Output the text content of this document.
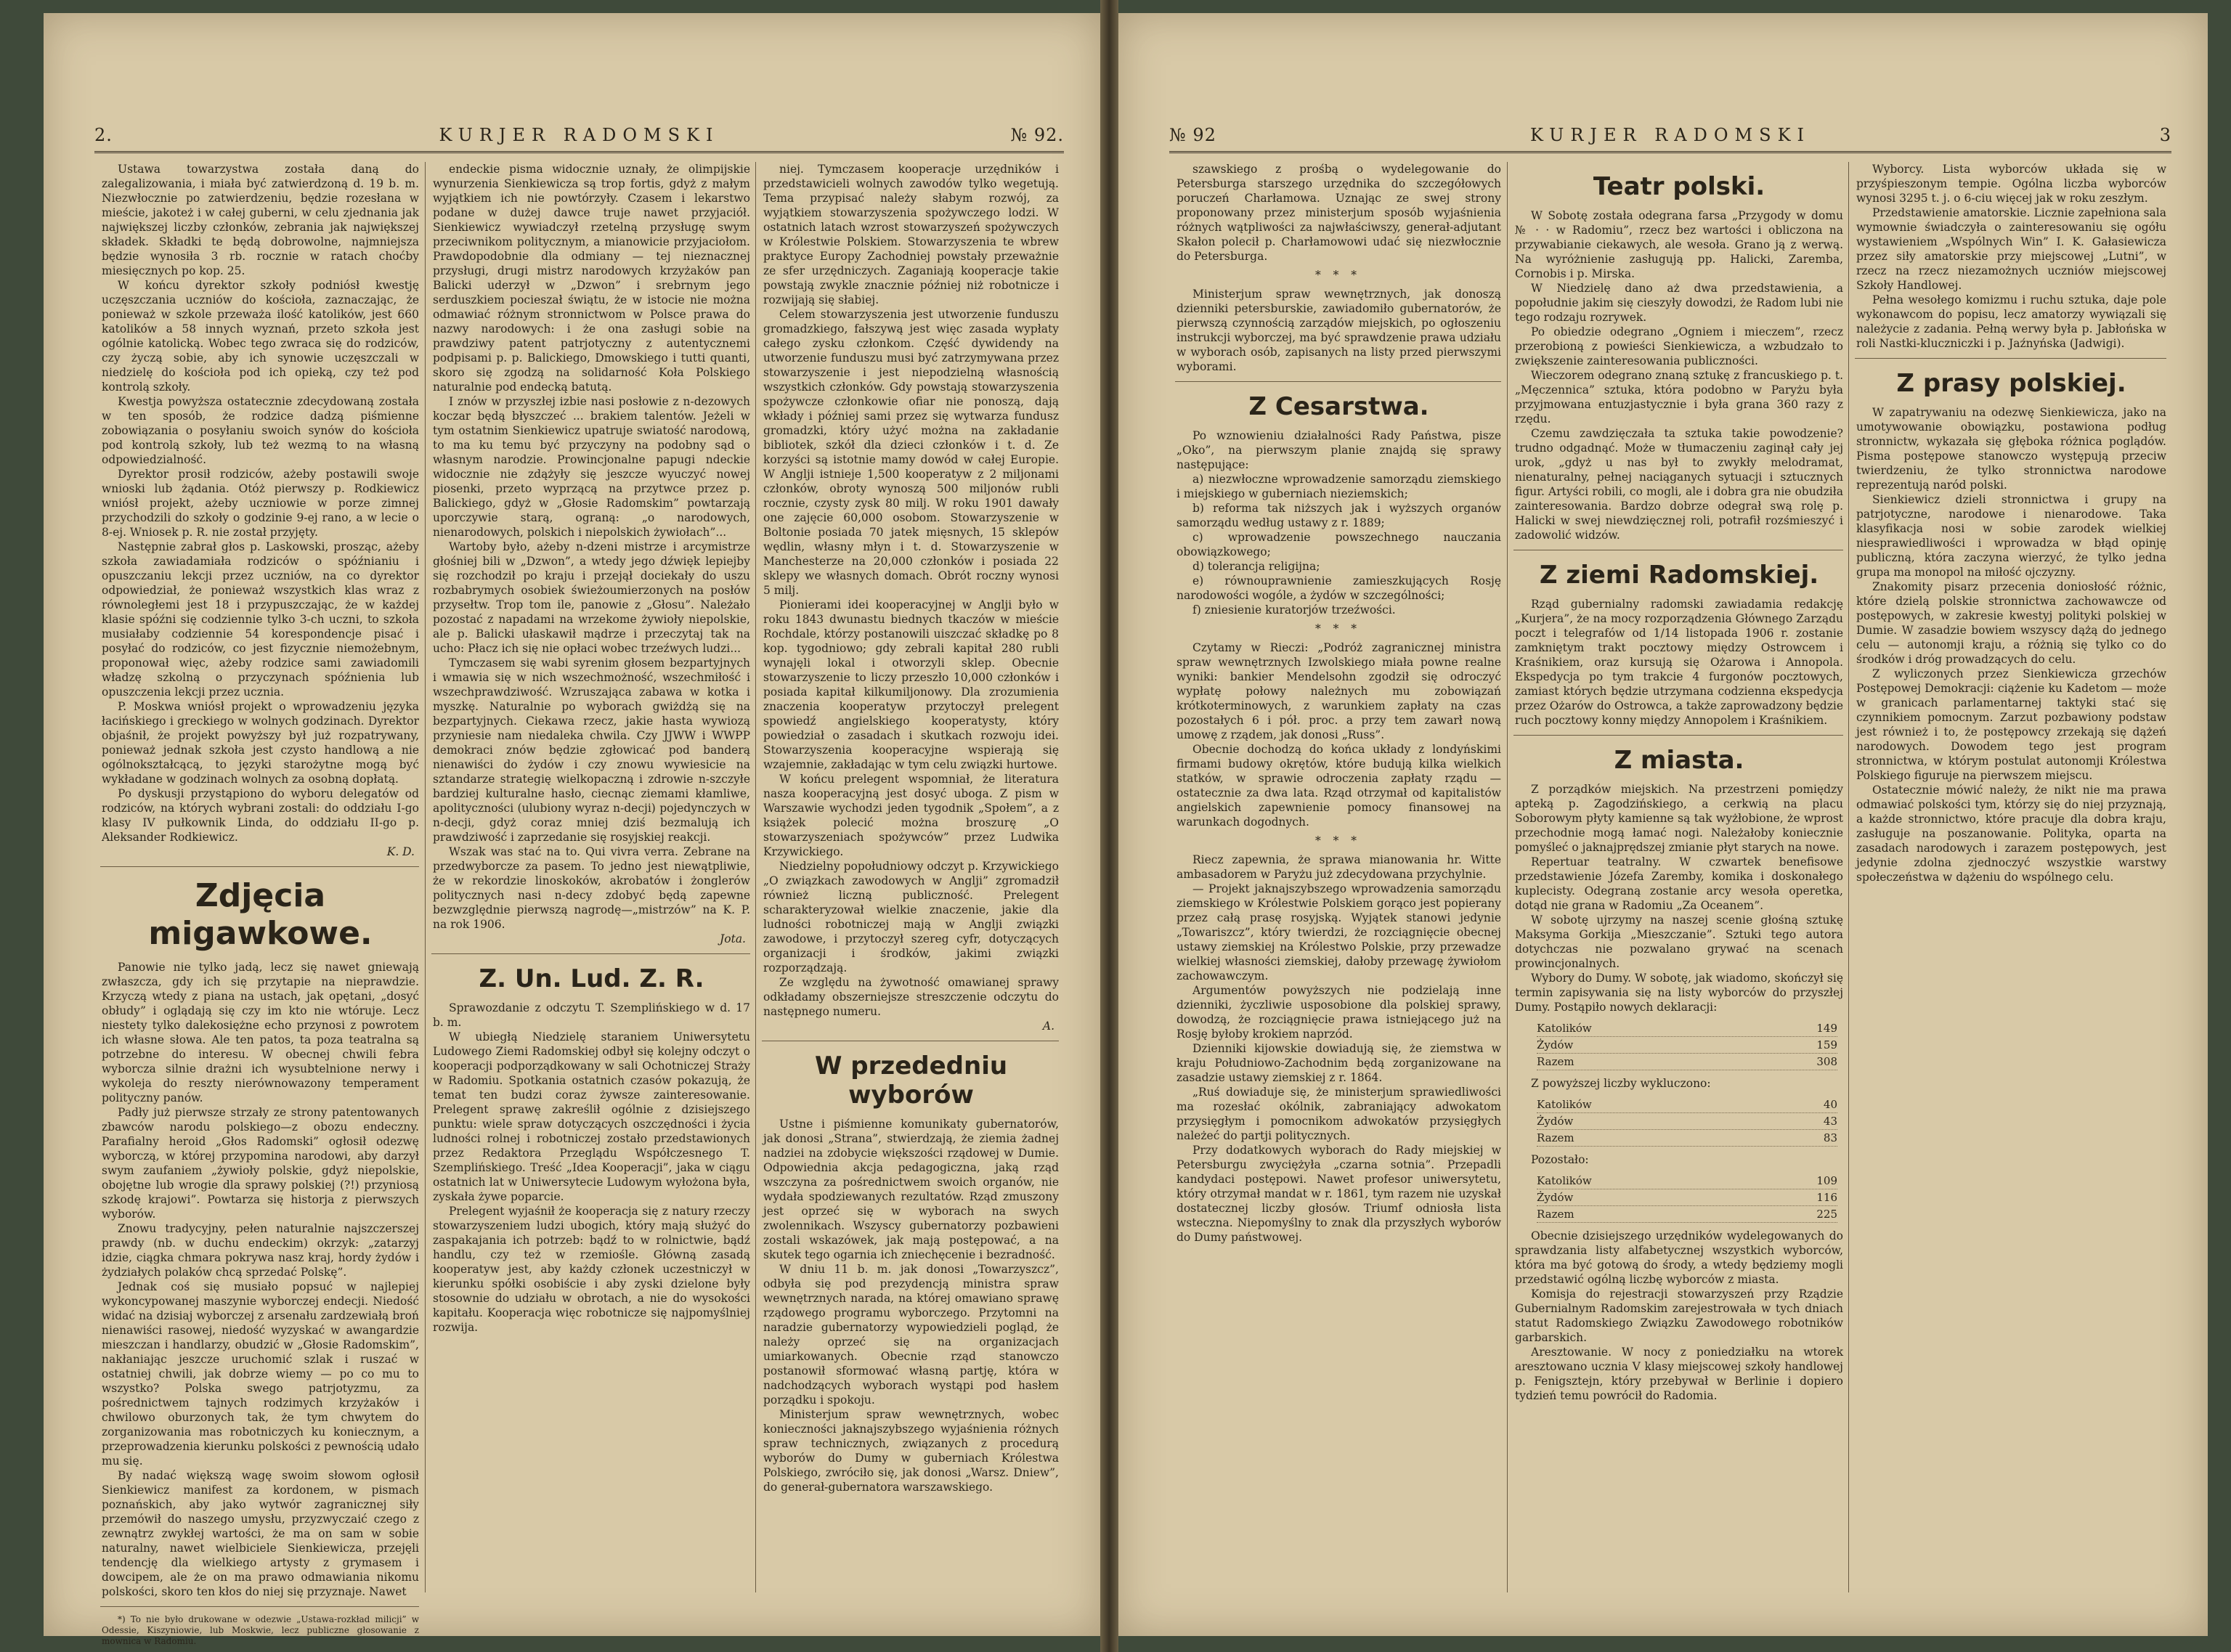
2.	KURJER RADOMSKI	№ 92.

Ustawa towarzystwa została daną do zalegalizowania, i miała być zatwierdzoną d. 19 b. m. Niezwłocznie po zatwierdzeniu, będzie rozesłana w mieście, jakoteż i w całej guberni, w celu zjednania jak największej liczby członków, zebrania jak największej składek. Składki te będą dobrowolne, najmniejsza będzie wynosiła 3 rb. rocznie w ratach choćby miesięcznych po kop. 25.

W końcu dyrektor szkoły podniósł kwestję uczęszczania uczniów do kościoła, zaznaczając, że ponieważ w szkole przeważa ilość katolików, jest 660 katolików a 58 innych wyznań, przeto szkoła jest ogólnie katolicką. Wobec tego zwraca się do rodziców, czy życzą sobie, aby ich synowie uczęszczali w niedzielę do kościoła pod ich opieką, czy też pod kontrolą szkoły.

Kwestja powyższa ostatecznie zdecydowaną została w ten sposób, że rodzice dadzą piśmienne zobowiązania o posyłaniu swoich synów do kościoła pod kontrolą szkoły, lub też wezmą to na własną odpowiedzialność.

Dyrektor prosił rodziców, ażeby postawili swoje wnioski lub żądania. Otóż pierwszy p. Rodkiewicz wniósł projekt, ażeby uczniowie w porze zimnej przychodzili do szkoły o godzinie 9-ej rano, a w lecie o 8-ej. Wniosek p. R. nie został przyjęty.

Następnie zabrał głos p. Laskowski, prosząc, ażeby szkoła zawiadamiała rodziców o spóźnianiu i opuszczaniu lekcji przez uczniów, na co dyrektor odpowiedział, że ponieważ wszystkich klas wraz z równoległemi jest 18 i przypuszczając, że w każdej klasie spóźni się codziennie tylko 3-ch uczni, to szkoła musiałaby codziennie 54 korespondencje pisać i posyłać do rodziców, co jest fizycznie niemożebnym, proponował więc, ażeby rodzice sami zawiadomili władzę szkolną o przyczynach spóźnienia lub opuszczenia lekcji przez ucznia.

P. Moskwa wniósł projekt o wprowadzeniu języka łacińskiego i greckiego w wolnych godzinach. Dyrektor objaśnił, że projekt powyższy był już rozpatrywany, ponieważ jednak szkoła jest czysto handlową a nie ogólnokształcącą, to języki starożytne mogą być wykładane w godzinach wolnych za osobną dopłatą.

Po dyskusji przystąpiono do wyboru delegatów od rodziców, na których wybrani zostali: do oddziału I-go klasy IV pułkownik Linda, do oddziału II-go p. Aleksander Rodkiewicz.

K. D.
Zdjęcia migawkowe.

Panowie nie tylko jadą, lecz się nawet gniewają zwłaszcza, gdy ich się przytapie na nieprawdzie. Krzyczą wtedy z piana na ustach, jak opętani, „dosyć obłudy” i oglądają się czy im kto nie wtóruje. Lecz niestety tylko dalekosiężne echo przynosi z powrotem ich własne słowa. Ale ten patos, ta poza teatralna są potrzebne do interesu. W obecnej chwili febra wyborcza silnie drażni ich wysubtelnione nerwy i wykoleja do reszty nierównowazony temperament polityczny panów.

Padły już pierwsze strzały ze strony patentowanych zbawców narodu polskiego—z obozu endeczny. Parafialny heroid „Głos Radomski” ogłosił odezwę wyborczą, w której przypomina narodowi, aby darzył swym zaufaniem „żywioły polskie, gdyż niepolskie, obojętne lub wrogie dla sprawy polskiej (?!) przyniosą szkodę krajowi”. Powtarza się historja z pierwszych wyborów.

Znowu tradycyjny, pełen naturalnie najszczerszej prawdy (nb. w duchu endeckim) okrzyk: „zatarzyj idzie, ciągka chmara pokrywa nasz kraj, hordy żydów i żydziałych polaków chcą sprzedać Polskę”.

Jednak coś się musiało popsuć w najlepiej wykoncypowanej maszynie wyborczej endecji. Niedość widać na dzisiaj wyborczej z arsenału zardzewiałą broń nienawiści rasowej, niedość wyzyskać w awangardzie mieszczan i handlarzy, obudzić w „Głosie Radomskim”, nakłaniając jeszcze uruchomić szlak i ruszać w ostatniej chwili, jak dobrze wiemy — po co mu to wszystko? Polska swego patrjotyzmu, za pośrednictwem tajnych rodzimych krzyżaków i chwilowo oburzonych tak, że tym chwytem do zorganizowania mas robotniczych ku koniecznym, a przeprowadzenia kierunku polskości z pewnością udało mu się.

By nadać większą wagę swoim słowom ogłosił Sienkiewicz manifest za kordonem, w pismach poznańskich, aby jako wytwór zagranicznej siły przemówił do naszego umysłu, przyzwyczaić czego z zewnątrz zwykłej wartości, że ma on sam w sobie naturalny, nawet wielbiciele Sienkiewicza, przejęli tendencję dla wielkiego artysty z grymasem i dowcipem, ale że on ma prawo odmawiania nikomu polskości, skoro ten kłos do niej się przyznaje. Nawet

*) To nie było drukowane w odezwie „Ustawa-rozkład milicji” w Odessie, Kiszyniowie, lub Moskwie, lecz publiczne głosowanie z mownica w Radomiu.

endeckie pisma widocznie uznały, że olimpijskie wynurzenia Sienkiewicza są trop fortis, gdyż z małym wyjątkiem ich nie powtórzyły. Czasem i lekarstwo podane w dużej dawce truje nawet przyjaciół. Sienkiewicz wywiadczył rzetelną przysługę swym przeciwnikom politycznym, a mianowicie przyjaciołom. Prawdopodobnie dla odmiany — tej nieznacznej przysługi, drugi mistrz narodowych krzyżaków pan Balicki uderzył w „Dzwon” i srebrnym jego serduszkiem pocieszał świątu, że w istocie nie można odmawiać różnym stronnictwom w Polsce prawa do nazwy narodowych: i że ona zasługi sobie na prawdziwy patent patrjotyczny z autentycznemi podpisami p. p. Balickiego, Dmowskiego i tutti quanti, skoro się zgodzą na solidarność Koła Polskiego naturalnie pod endecką batutą.

I znów w przyszłej izbie nasi posłowie z n-dezowych koczar będą błyszczeć ... brakiem talentów. Jeżeli w tym ostatnim Sienkiewicz upatruje swiatość narodową, to ma ku temu być przyczyny na podobny sąd o własnym narodzie. Prowincjonalne papugi ndeckie widocznie nie zdążyły się jeszcze wyuczyć nowej piosenki, przeto wyprzącą na przytwce przez p. Balickiego, gdyż w „Głosie Radomskim” powtarzają uporczywie starą, ograną: „o narodowych, nienarodowych, polskich i niepolskich żywiołach”...

Wartoby było, ażeby n-dzeni mistrze i arcymistrze głośniej bili w „Dzwon”, a wtedy jego dźwięk lepiejby się rozchodził po kraju i przejął dociekały do uszu rozbabrymych osobiek świeżoumierzonych na posłów przysełtw. Trop tom ile, panowie z „Głosu”. Należało pozostać z napadami na wrzekome żywioły niepolskie, ale p. Balicki ułaskawił mądrze i przeczytaj tak na ucho: Płacz ich się nie opłaci wobec trzeźwych ludzi...

Tymczasem się wabi syrenim głosem bezpartyjnych i wmawia się w nich wszechmożność, wszechmiłość i wszechprawdziwość. Wzruszająca zabawa w kotka i myszkę. Naturalnie po wyborach gwiżdżą się na bezpartyjnych. Ciekawa rzecz, jakie hasta wywiozą przyniesie nam niedaleka chwila. Czy JJWW i WWPP demokraci znów będzie zgłowicać pod banderą nienawiści do żydów i czy znowu wywiesicie na sztandarze strategię wielkopaczną i zdrowie n-szczyłe bardziej kulturalne hasło, ciecnąc ziemami kłamliwe, apolityczności (ulubiony wyraz n-decji) pojedynczych w n-decji, gdyż coraz mniej dziś bezmalują ich prawdziwość i zaprzedanie się rosyjskiej reakcji.

Wszak was stać na to. Qui vivra verra. Zebrane na przedwyborcze za pasem. To jedno jest niewątpliwie, że w rekordzie linoskoków, akrobatów i żonglerów politycznych nasi n-decy zdobyć będą zapewne bezwzględnie pierwszą nagrodę—„mistrzów” na K. P. na rok 1906.

Jota.
Z. Un. Lud. Z. R.

Sprawozdanie z odczytu T. Szemplińskiego w d. 17 b. m.

W ubiegłą Niedzielę staraniem Uniwersytetu Ludowego Ziemi Radomskiej odbył się kolejny odczyt o kooperacji podporządkowany w sali Ochotniczej Straży w Radomiu. Spotkania ostatnich czasów pokazują, że temat ten budzi coraz żywsze zainteresowanie. Prelegent sprawę zakreślił ogólnie z dzisiejszego punktu: wiele spraw dotyczących oszczędności i życia ludności rolnej i robotniczej zostało przedstawionych przez Redaktora Przeglądu Współczesnego T. Szemplińskiego. Treść „Idea Kooperacji”, jaka w ciągu ostatnich lat w Uniwersytecie Ludowym wyłożona była, zyskała żywe poparcie.

Prelegent wyjaśnił że kooperacja się z natury rzeczy stowarzyszeniem ludzi ubogich, który mają służyć do zaspakajania ich potrzeb: bądź to w rolnictwie, bądź handlu, czy też w rzemiośle. Główną zasadą kooperatyw jest, aby każdy członek uczestniczył w kierunku spółki osobiście i aby zyski dzielone były stosownie do udziału w obrotach, a nie do wysokości kapitału. Kooperacja więc robotnicze się najpomyślniej rozwija.

niej. Tymczasem kooperacje urzędników i przedstawicieli wolnych zawodów tylko wegetują. Tema przypisać należy słabym rozwój, za wyjątkiem stowarzyszenia spożywczego lodzi. W ostatnich latach wzrost stowarzyszeń spożywczych w Królestwie Polskiem. Stowarzyszenia te wbrew praktyce Europy Zachodniej powstały przeważnie ze sfer urzędniczych. Zaganiają kooperacje takie powstają zwykle znacznie później niż robotnicze i rozwijają się słabiej.

Celem stowarzyszenia jest utworzenie funduszu gromadzkiego, fałszywą jest więc zasada wypłaty całego zysku członkom. Część dywidendy na utworzenie funduszu musi być zatrzymywana przez stowarzyszenie i jest niepodzielną własnością wszystkich członków. Gdy powstają stowarzyszenia spożywcze członkowie ofiar nie ponoszą, dają wkłady i później sami przez się wytwarza fundusz gromadzki, który użyć można na zakładanie bibliotek, szkół dla dzieci członków i t. d. Ze korzyści są istotnie mamy dowód w całej Europie. W Anglji istnieje 1,500 kooperatyw z 2 miljonami członków, obroty wynoszą 500 miljonów rubli rocznie, czysty zysk 80 milj. W roku 1901 dawały one zajęcie 60,000 osobom. Stowarzyszenie w Boltonie posiada 70 jatek mięsnych, 15 sklepów wędlin, własny młyn i t. d. Stowarzyszenie w Manchesterze na 20,000 członków i posiada 22 sklepy we własnych domach. Obrót roczny wynosi 5 milj.

Pionierami idei kooperacyjnej w Anglji było w roku 1843 dwunastu biednych tkaczów w mieście Rochdale, którzy postanowili uiszczać składkę po 8 kop. tygodniowo; gdy zebrali kapitał 280 rubli wynajęli lokal i otworzyli sklep. Obecnie stowarzyszenie to liczy przeszło 10,000 członków i posiada kapitał kilkumiljonowy. Dla zrozumienia znaczenia kooperatyw przytoczył prelegent spowiedź angielskiego kooperatysty, który powiedział o zasadach i skutkach rozwoju idei. Stowarzyszenia kooperacyjne wspierają się wzajemnie, zakładając w tym celu związki hurtowe.

W końcu prelegent wspomniał, że literatura nasza kooperacyjną jest dosyć uboga. Z pism w Warszawie wychodzi jeden tygodnik „Społem”, a z książek polecić można broszurę „O stowarzyszeniach spożywców” przez Ludwika Krzywickiego.

Niedzielny popołudniowy odczyt p. Krzywickiego „O związkach zawodowych w Anglji” zgromadził również liczną publiczność. Prelegent scharakteryzował wielkie znaczenie, jakie dla ludności robotniczej mają w Anglji związki zawodowe, i przytoczył szereg cyfr, dotyczących organizacji i środków, jakimi związki rozporządzają.

Ze względu na żywotność omawianej sprawy odkładamy obszerniejsze streszczenie odczytu do następnego numeru.

A.
W przededniu wyborów

Ustne i piśmienne komunikaty gubernatorów, jak donosi „Strana”, stwierdzają, że ziemia żadnej nadziei na zdobycie większości rządowej w Dumie. Odpowiednia akcja pedagogiczna, jaką rząd wszczyna za pośrednictwem swoich organów, nie wydała spodziewanych rezultatów. Rząd zmuszony jest oprzeć się w wyborach na swych zwolennikach. Wszyscy gubernatorzy pozbawieni zostali wskazówek, jak mają postępować, a na skutek tego ogarnia ich zniechęcenie i bezradność.

W dniu 11 b. m. jak donosi „Towarzyszcz”, odbyła się pod prezydencją ministra spraw wewnętrznych narada, na której omawiano sprawę rządowego programu wyborczego. Przytomni na naradzie gubernatorzy wypowiedzieli pogląd, że należy oprzeć się na organizacjach umiarkowanych. Obecnie rząd stanowczo postanowił sformować własną partję, która w nadchodzących wyborach wystąpi pod hasłem porządku i spokoju.

Ministerjum spraw wewnętrznych, wobec konieczności jaknajszybszego wyjaśnienia różnych spraw technicznych, związanych z procedurą wyborów do Dumy w guberniach Królestwa Polskiego, zwróciło się, jak donosi „Warsz. Dniew”, do generał-gubernatora warszawskiego.

№ 92	KURJER RADOMSKI	3

szawskiego z prośbą o wydelegowanie do Petersburga starszego urzędnika do szczegółowych poruczeń Charłamowa. Uznając ze swej strony proponowany przez ministerjum sposób wyjaśnienia różnych wątpliwości za najwłaściwszy, generał-adjutant Skałon polecił p. Charłamowowi udać się niezwłocznie do Petersburga.

* * *

Ministerjum spraw wewnętrznych, jak donoszą dzienniki petersburskie, zawiadomiło gubernatorów, że pierwszą czynnością zarządów miejskich, po ogłoszeniu instrukcji wyborczej, ma być sprawdzenie prawa udziału w wyborach osób, zapisanych na listy przed pierwszymi wyborami.

Z Cesarstwa.

Po wznowieniu działalności Rady Państwa, pisze „Oko”, na pierwszym planie znajdą się sprawy następujące:

a) niezwłoczne wprowadzenie samorządu ziemskiego i miejskiego w guberniach nieziemskich;

b) reforma tak niższych jak i wyższych organów samorządu według ustawy z r. 1889;

c) wprowadzenie powszechnego nauczania obowiązkowego;

d) tolerancja religijna;

e) równouprawnienie zamieszkujących Rosję narodowości wogóle, a żydów w szczególności;

f) zniesienie kuratorjów trzeźwości.

* * *

Czytamy w Rieczi: „Podróż zagranicznej ministra spraw wewnętrznych Izwolskiego miała powne realne wyniki: bankier Mendelsohn zgodził się odroczyć wypłatę połowy należnych mu zobowiązań krótkoterminowych, z warunkiem zapłaty na czas pozostałych 6 i pół. proc. a przy tem zawarł nową umowę z rządem, jak donosi „Russ”.

Obecnie dochodzą do końca układy z londyńskimi firmami budowy okrętów, które budują kilka wielkich statków, w sprawie odroczenia zapłaty rządu — ostatecznie za dwa lata. Rząd otrzymał od kapitalistów angielskich zapewnienie pomocy finansowej na warunkach dogodnych.

* * *

Riecz zapewnia, że sprawa mianowania hr. Witte ambasadorem w Paryżu już zdecydowana przychylnie.

— Projekt jaknajszybszego wprowadzenia samorządu ziemskiego w Królestwie Polskiem gorąco jest popierany przez całą prasę rosyjską. Wyjątek stanowi jedynie „Towariszcz”, który twierdzi, że rozciągnięcie obecnej ustawy ziemskiej na Królestwo Polskie, przy przewadze wielkiej własności ziemskiej, dałoby przewagę żywiołom zachowawczym.

Argumentów powyższych nie podzielają inne dzienniki, życzliwie usposobione dla polskiej sprawy, dowodzą, że rozciągnięcie prawa istniejącego już na Rosję byłoby krokiem naprzód.

Dzienniki kijowskie dowiadują się, że ziemstwa w kraju Południowo-Zachodnim będą zorganizowane na zasadzie ustawy ziemskiej z r. 1864.

„Ruś dowiaduje się, że ministerjum sprawiedliwości ma rozesłać okólnik, zabraniający adwokatom przysięgłym i pomocnikom adwokatów przysięgłych należeć do partji politycznych.

Przy dodatkowych wyborach do Rady miejskiej w Petersburgu zwyciężyła „czarna sotnia”. Przepadli kandydaci postępowi. Nawet profesor uniwersytetu, który otrzymał mandat w r. 1861, tym razem nie uzyskał dostatecznej liczby głosów. Triumf odniosła lista wsteczna. Niepomyślny to znak dla przyszłych wyborów do Dumy państwowej.

Teatr polski.

W Sobotę została odegrana farsa „Przygody w domu № · · w Radomiu”, rzecz bez wartości i obliczona na przywabianie ciekawych, ale wesoła. Grano ją z werwą. Na wyróżnienie zasługują pp. Halicki, Zaremba, Cornobis i p. Mirska.

W Niedzielę dano aż dwa przedstawienia, a popołudnie jakim się cieszyły dowodzi, że Radom lubi nie tego rodzaju rozrywek.

Po obiedzie odegrano „Ogniem i mieczem”, rzecz przerobioną z powieści Sienkiewicza, a wzbudzało to zwiększenie zainteresowania publiczności.

Wieczorem odegrano znaną sztukę z francuskiego p. t. „Męczennica” sztuka, która podobno w Paryżu była przyjmowana entuzjastycznie i była grana 360 razy z rzędu.

Czemu zawdzięczała ta sztuka takie powodzenie? trudno odgadnąć. Może w tłumaczeniu zaginął cały jej urok, „gdyż u nas był to zwykły melodramat, nienaturalny, pełnej naciąganych sytuacji i sztucznych figur. Artyści robili, co mogli, ale i dobra gra nie obudziła zainteresowania. Bardzo dobrze odegrał swą rolę p. Halicki w swej niewdzięcznej roli, potrafił rozśmieszyć i zadowolić widzów.

Z ziemi Radomskiej.

Rząd gubernialny radomski zawiadamia redakcję „Kurjera”, że na mocy rozporządzenia Głównego Zarządu poczt i telegrafów od 1/14 listopada 1906 r. zostanie zamkniętym trakt pocztowy między Ostrowcem i Kraśnikiem, oraz kursują się Ożarowa i Annopola. Ekspedycja po tym trakcie 4 furgonów pocztowych, zamiast których będzie utrzymana codzienna ekspedycja przez Ożarów do Ostrowca, a także zaprowadzony będzie ruch pocztowy konny między Annopolem i Kraśnikiem.

Z miasta.

Z porządków miejskich. Na przestrzeni pomiędzy apteką p. Zagodzińskiego, a cerkwią na placu Soborowym płyty kamienne są tak wyżłobione, że wprost przechodnie mogą łamać nogi. Należałoby koniecznie pomyśleć o jaknajprędszej zmianie płyt starych na nowe.

Repertuar teatralny. W czwartek benefisowe przedstawienie Józefa Zaremby, komika i doskonałego kuplecisty. Odegraną zostanie arcy wesoła operetka, dotąd nie grana w Radomiu „Za Oceanem”.

W sobotę ujrzymy na naszej scenie głośną sztukę Maksyma Gorkija „Mieszczanie”. Sztuki tego autora dotychczas nie pozwalano grywać na scenach prowincjonalnych.

Wybory do Dumy. W sobotę, jak wiadomo, skończył się termin zapisywania się na listy wyborców do przyszłej Dumy. Postąpiło nowych deklaracji:

Katolików	149
Żydów	159
Razem	308

Z powyższej liczby wykluczono:

Katolików	40
Żydów	43
Razem	83

Pozostało:

Katolików	109
Żydów	116
Razem	225

Obecnie dzisiejszego urzędników wydelegowanych do sprawdzania listy alfabetycznej wszystkich wyborców, która ma być gotową do środy, a wtedy będziemy mogli przedstawić ogólną liczbę wyborców z miasta.

Komisja do rejestracji stowarzyszeń przy Rządzie Gubernialnym Radomskim zarejestrowała w tych dniach statut Radomskiego Związku Zawodowego robotników garbarskich.

Aresztowanie. W nocy z poniedziałku na wtorek aresztowano ucznia V klasy miejscowej szkoły handlowej p. Fenigsztejn, który przebywał w Berlinie i dopiero tydzień temu powrócił do Radomia.

Wyborcy. Lista wyborców układa się w przyśpieszonym tempie. Ogólna liczba wyborców wynosi 3295 t. j. o 6-ciu więcej jak w roku zeszłym.

Przedstawienie amatorskie. Licznie zapełniona sala wymownie świadczyła o zainteresowaniu się ogółu wystawieniem „Wspólnych Win” I. K. Gałasiewicza przez siły amatorskie przy miejscowej „Lutni”, w rzecz na rzecz niezamożnych uczniów miejscowej Szkoły Handlowej.

Pełna wesołego komizmu i ruchu sztuka, daje pole wykonawcom do popisu, lecz amatorzy wywiązali się należycie z zadania. Pełną werwy była p. Jabłońska w roli Nastki-kluczniczki i p. Jaźnyńska (Jadwigi).

Z prasy polskiej.

W zapatrywaniu na odezwę Sienkiewicza, jako na umotywowanie obowiązku, postawiona podług stronnictw, wykazała się głęboka różnica poglądów. Pisma postępowe stanowczo występują przeciw twierdzeniu, że tylko stronnictwa narodowe reprezentują naród polski.

Sienkiewicz dzieli stronnictwa i grupy na patrjotyczne, narodowe i nienarodowe. Taka klasyfikacja nosi w sobie zarodek wielkiej niesprawiedliwości i wprowadza w błąd opinję publiczną, która zaczyna wierzyć, że tylko jedna grupa ma monopol na miłość ojczyzny.

Znakomity pisarz przecenia doniosłość różnic, które dzielą polskie stronnictwa zachowawcze od postępowych, w zakresie kwestyj polityki polskiej w Dumie. W zasadzie bowiem wszyscy dążą do jednego celu — autonomji kraju, a różnią się tylko co do środków i dróg prowadzących do celu.

Z wyliczonych przez Sienkiewicza grzechów Postępowej Demokracji: ciążenie ku Kadetom — może w granicach parlamentarnej taktyki stać się czynnikiem pomocnym. Zarzut pozbawiony podstaw jest również i to, że postępowcy zrzekają się dążeń narodowych. Dowodem tego jest program stronnictwa, w którym postulat autonomji Królestwa Polskiego figuruje na pierwszem miejscu.

Ostatecznie mówić należy, że nikt nie ma prawa odmawiać polskości tym, którzy się do niej przyznają, a każde stronnictwo, które pracuje dla dobra kraju, zasługuje na poszanowanie. Polityka, oparta na zasadach narodowych i zarazem postępowych, jest jedynie zdolna zjednoczyć wszystkie warstwy społeczeństwa w dążeniu do wspólnego celu.
